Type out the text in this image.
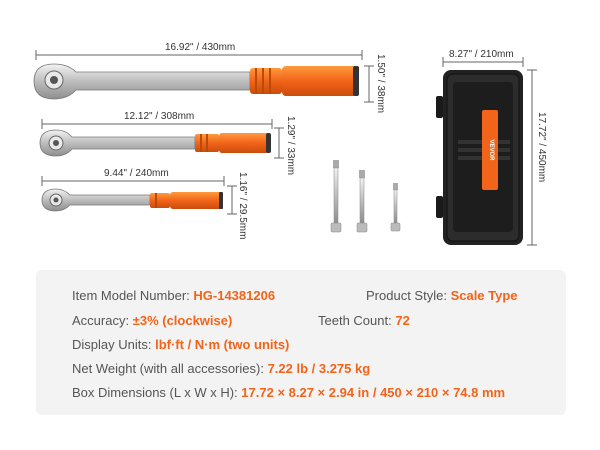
VEVOR
16.92" / 430mm
1.50" / 38mm
12.12" / 308mm	1.29" / 33mm
9.44" / 240mm	1.16" / 29.5mm
8.27" / 210mm
17.72" / 450mm
Item Model Number: HG-14381206	Product Style: Scale Type
Accuracy: ±3% (clockwise)	Teeth Count: 72
Display Units: lbf·ft / N·m (two units)
Net Weight (with all accessories): 7.22 lb / 3.275 kg
Box Dimensions (L x W x H): 17.72 × 8.27 × 2.94 in / 450 × 210 × 74.8 mm
